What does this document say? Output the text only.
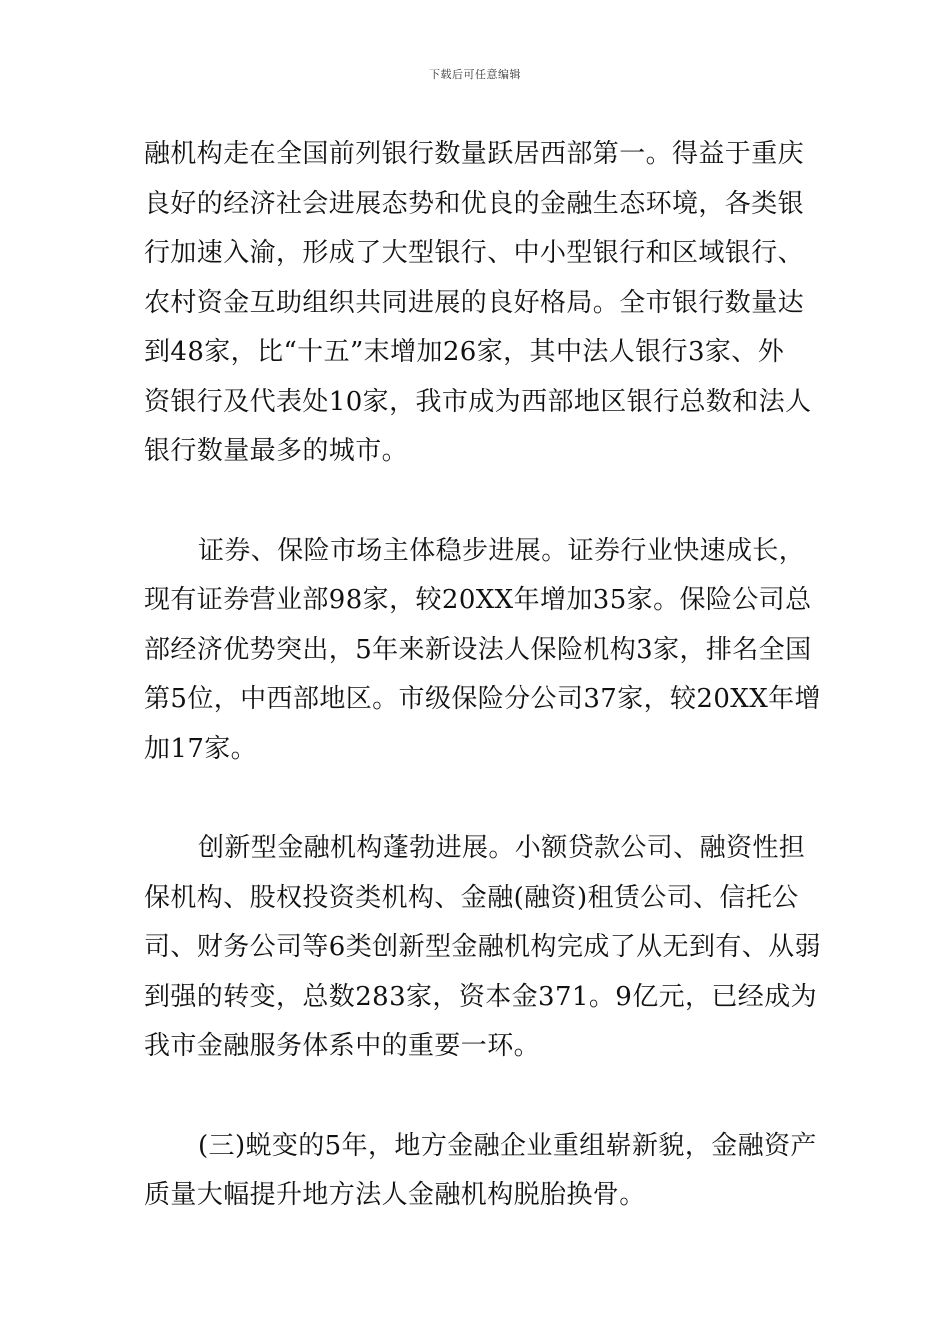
下载后可任意编辑
融机构走在全国前列银行数量跃居西部第一。得益于重庆
良好的经济社会进展态势和优良的金融生态环境，各类银
行加速入渝，形成了大型银行、中小型银行和区域银行、
农村资金互助组织共同进展的良好格局。全市银行数量达
到48家，比“十五”末增加26家，其中法人银行3家、外
资银行及代表处10家，我市成为西部地区银行总数和法人
银行数量最多的城市。
证券、保险市场主体稳步进展。证券行业快速成长，
现有证券营业部98家，较20XX年增加35家。保险公司总
部经济优势突出，5年来新设法人保险机构3家，排名全国
第5位，中西部地区。市级保险分公司37家，较20XX年增
加17家。
创新型金融机构蓬勃进展。小额贷款公司、融资性担
保机构、股权投资类机构、金融(融资)租赁公司、信托公
司、财务公司等6类创新型金融机构完成了从无到有、从弱
到强的转变，总数283家，资本金371。9亿元，已经成为
我市金融服务体系中的重要一环。
(三)蜕变的5年，地方金融企业重组崭新貌，金融资产
质量大幅提升地方法人金融机构脱胎换骨。
